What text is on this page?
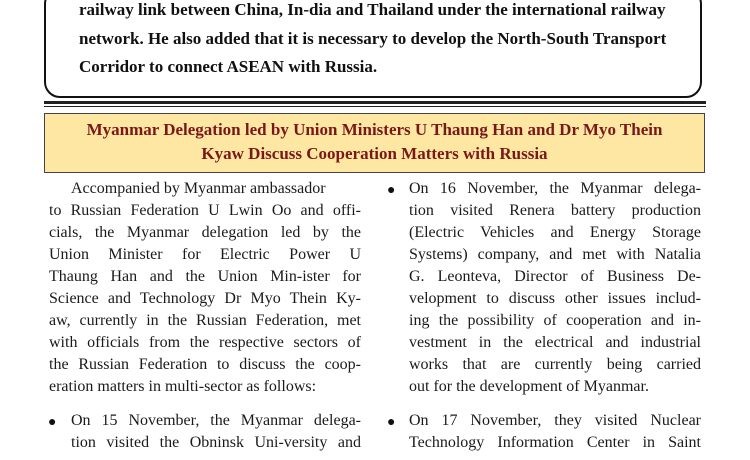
railway link between China, In-dia and Thailand under the international railway
network. He also added that it is necessary to develop the North-South Transport
Corridor to connect ASEAN with Russia.
Myanmar Delegation led by Union Ministers U Thaung Han and Dr Myo Thein
Kyaw Discuss Cooperation Matters with Russia
Accompanied by Myanmar ambassador
to Russian Federation U Lwin Oo and offi-
cials, the Myanmar delegation led by the
Union Minister for Electric Power U
Thaung Han and the Union Min-ister for
Science and Technology Dr Myo Thein Ky-
aw, currently in the Russian Federation, met
with officials from the respective sectors of
the Russian Federation to discuss the coop-
eration matters in multi-sector as follows:
● On 15 November, the Myanmar delega-
tion visited the Obninsk Uni-versity and
● On 16 November, the Myanmar delega-
tion visited Renera battery production
(Electric Vehicles and Energy Storage
Systems) company, and met with Natalia
G. Leonteva, Director of Business De-
velopment to discuss other issues includ-
ing the possibility of cooperation and in-
vestment in the electrical and industrial
works that are currently being carried
out for the development of Myanmar.
● On 17 November, they visited Nuclear
Technology Information Center in Saint
